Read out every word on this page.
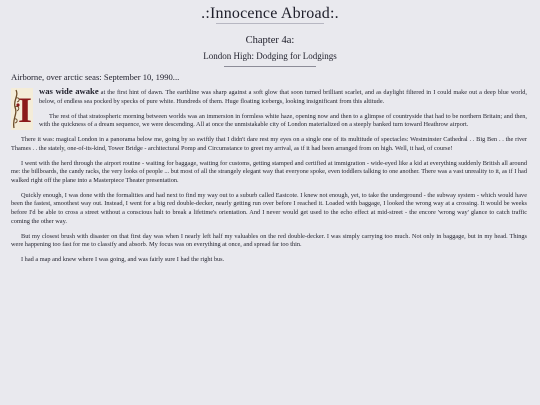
.:Innocence Abroad:.
Chapter 4a:
London High: Dodging for Lodgings
Airborne, over arctic seas: September 10, 1990...

I was wide awake at the first hint of dawn. The earthline was sharp against a soft glow that soon turned brilliant scarlet, and as daylight filtered in I could make out a deep blue world, below, of endless sea pocked by specks of pure white. Hundreds of them. Huge floating icebergs, looking insignificant from this altitude.

The rest of that stratospheric morning between worlds was an immersion in formless white haze, opening now and then to a glimpse of countryside that had to be northern Britain; and then, with the quickness of a dream sequence, we were descending. All at once the unmistakable city of London materialized on a steeply banked turn toward Heathrow airport.

There it was: magical London in a panorama below me, going by so swiftly that I didn't dare rest my eyes on a single one of its multitude of spectacles: Westminster Cathedral . . Big Ben . . the river Thames . . the stately, one-of-its-kind, Tower Bridge - architectural Pomp and Circumstance to greet my arrival, as if it had been arranged from on high. Well, it had, of course!

I went with the herd through the airport routine - waiting for baggage, waiting for customs, getting stamped and certified at immigration - wide-eyed like a kid at everything suddenly British all around me: the billboards, the candy racks, the very looks of people ... but most of all the strangely elegant way that everyone spoke, even toddlers talking to one another. There was a vast unreality to it, as if I had walked right off the plane into a Masterpiece Theater presentation.

Quickly enough, I was done with the formalities and had next to find my way out to a suburb called Eastcote. I knew not enough, yet, to take the underground - the subway system - which would have been the fastest, smoothest way out. Instead, I went for a big red double-decker, nearly getting run over before I reached it. Loaded with baggage, I looked the wrong way at a crossing. It would be weeks before I'd be able to cross a street without a conscious halt to break a lifetime's orientation. And I never would get used to the echo effect at mid-street - the encore 'wrong way' glance to catch traffic coming the other way.

But my closest brush with disaster on that first day was when I nearly left half my valuables on the red double-decker. I was simply carrying too much. Not only in baggage, but in my head. Things were happening too fast for me to classify and absorb. My focus was on everything at once, and spread far too thin.

I had a map and knew where I was going, and was fairly sure I had the right bus.
